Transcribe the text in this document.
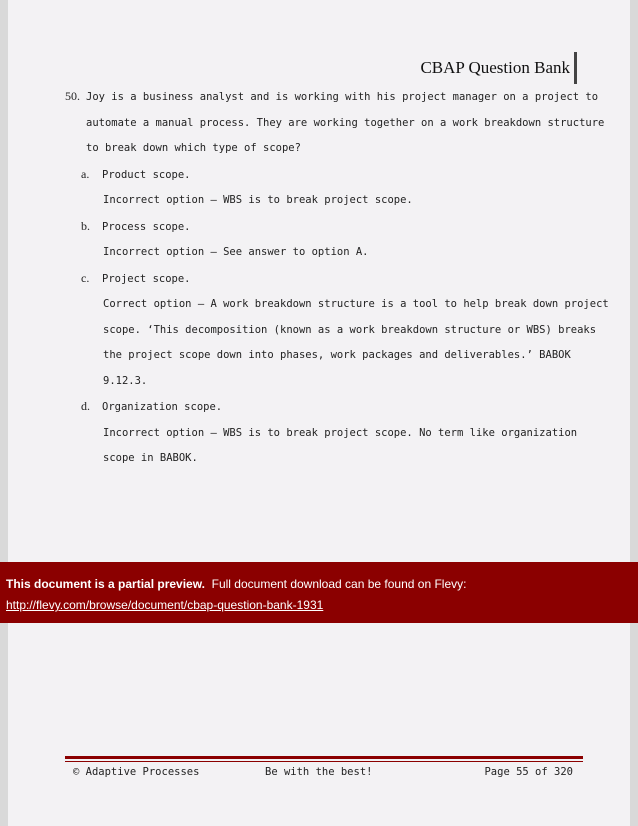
CBAP Question Bank

50. Joy is a business analyst and is working with his project manager on a project to

automate a manual process. They are working together on a work breakdown structure

to break down which type of scope?

a. Product scope.

Incorrect option – WBS is to break project scope.

b. Process scope.

Incorrect option – See answer to option A.

c. Project scope.

Correct option – A work breakdown structure is a tool to help break down project

scope. ‘This decomposition (known as a work breakdown structure or WBS) breaks

the project scope down into phases, work packages and deliverables.’ BABOK

9.12.3.

d. Organization scope.

Incorrect option – WBS is to break project scope. No term like organization

scope in BABOK.

© Adaptive Processes	Be with the best!	Page 55 of 320
This document is a partial preview. Full document download can be found on Flevy:
http://flevy.com/browse/document/cbap-question-bank-1931
